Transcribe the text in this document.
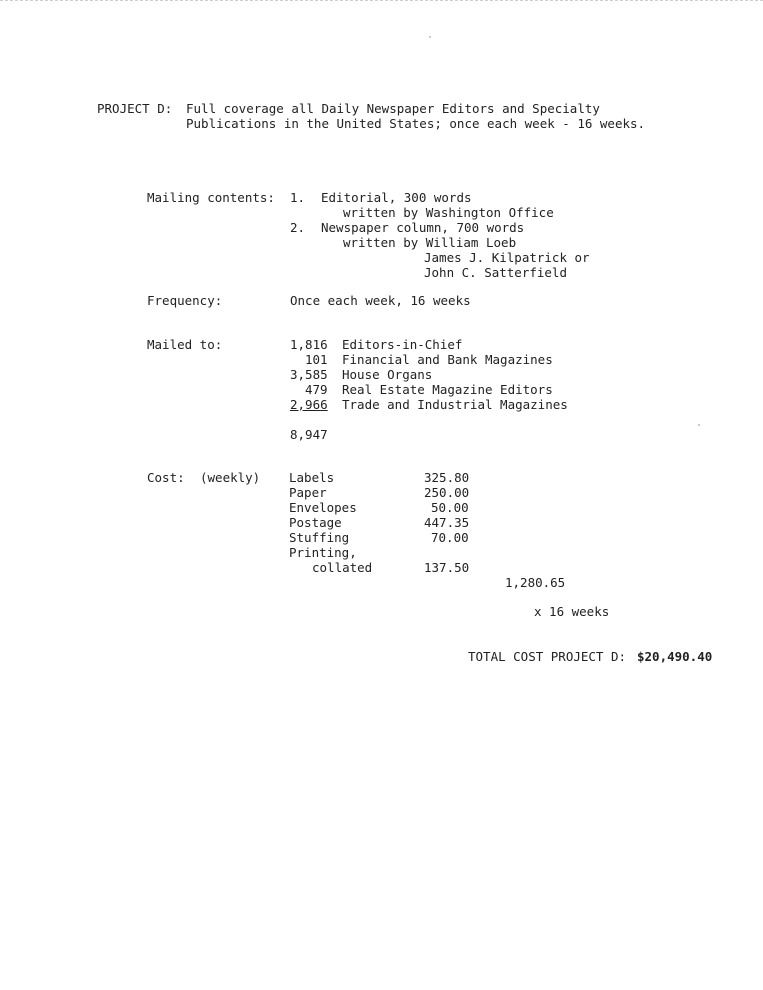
PROJECT D: Full coverage all Daily Newspaper Editors and Specialty
Publications in the United States; once each week - 16 weeks.
Mailing contents: 1. Editorial, 300 words
written by Washington Office
2. Newspaper column, 700 words
written by William Loeb
James J. Kilpatrick or
John C. Satterfield
Frequency:	Once each week, 16 weeks
Mailed to:	1,816 Editors-in-Chief
101 Financial and Bank Magazines
3,585 House Organs
479 Real Estate Magazine Editors
2,966 Trade and Industrial Magazines
8,947
Cost: (weekly) Labels	325.80
Paper	250.00
Envelopes	50.00
Postage	447.35
Stuffing	70.00
Printing,
collated	137.50
1,280.65
x 16 weeks
TOTAL COST PROJECT D: $20,490.40
